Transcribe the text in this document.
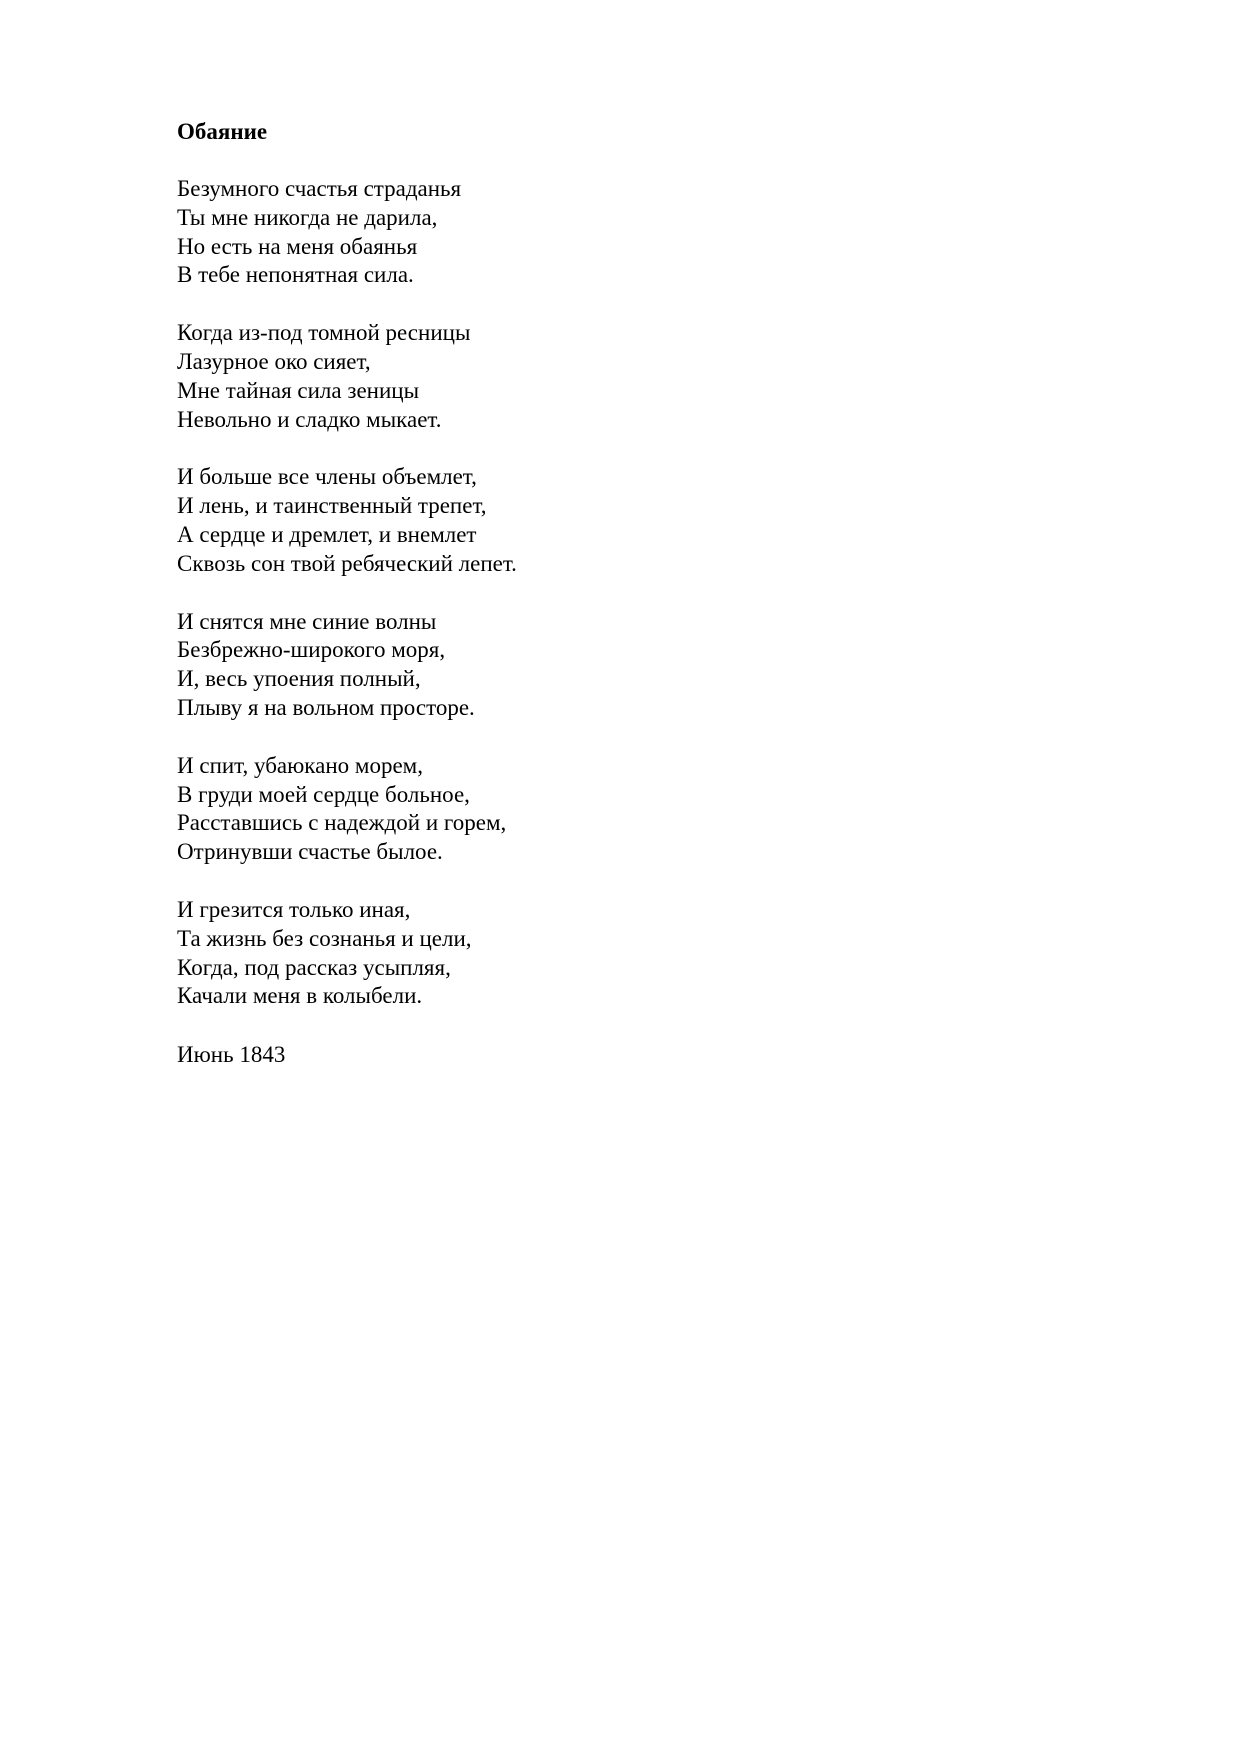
Обаяние
Безумного счастья страданья
Ты мне никогда не дарила,
Но есть на меня обаянья
В тебе непонятная сила.
Когда из-под томной ресницы
Лазурное око сияет,
Мне тайная сила зеницы
Невольно и сладко мыкает.
И больше все члены объемлет,
И лень, и таинственный трепет,
А сердце и дремлет, и внемлет
Сквозь сон твой ребяческий лепет.
И снятся мне синие волны
Безбрежно-широкого моря,
И, весь упоения полный,
Плыву я на вольном просторе.
И спит, убаюкано морем,
В груди моей сердце больное,
Расставшись с надеждой и горем,
Отринувши счастье былое.
И грезится только иная,
Та жизнь без сознанья и цели,
Когда, под рассказ усыпляя,
Качали меня в колыбели.
Июнь 1843
